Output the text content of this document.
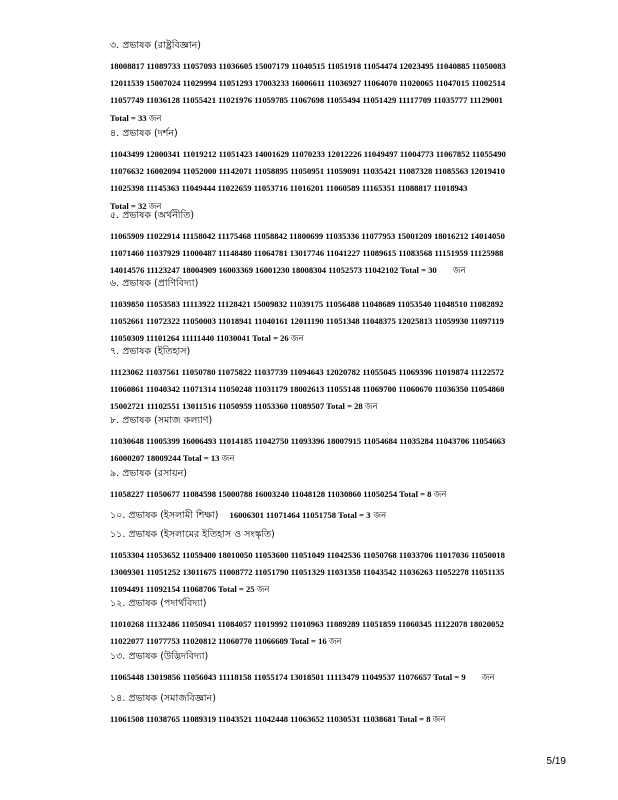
৩. প্রভাষক (রাষ্ট্রবিজ্ঞান)
18008817 11089733 11057093 11036605 15007179 11040515 11051918 11054474 12023495 11040885 11050083
12011539 15007024 11029994 11051293 17003233 16006611 11036927 11064070 11020065 11047015 11002514
11057749 11036128 11055421 11021976 11059785 11067698 11055494 11051429 11117709 11035777 11129001
Total = 33 জন
৪. প্রভাষক (দর্শন)
11043499 12000341 11019212 11051423 14001629 11070233 12012226 11049497 11004773 11067852 11055490
11076632 16002094 11052000 11142071 11058895 11050951 11059091 11035421 11087328 11085563 12019410
11025398 11145363 11049444 11022659 11053716 11016201 11060589 11165351 11088817 11018943
Total = 32 জন
৫. প্রভাষক (অর্থনীতি)
11065909 11022914 11158042 11175468 11058842 11800699 11035336 11077953 15001209 18016212 14014050
11071460 11037929 11000487 11148480 11064781 13017746 11041227 11089615 11083568 11151959 11125988
14014576 11123247 18004909 16003369 16001230 18008304 11052573 11042102 Total = 30 জন
৬. প্রভাষক (প্রাণিবিদ্যা)
11039850 11053583 11113922 11128421 15009832 11039175 11056488 11048689 11053540 11048510 11082892
11052661 11072322 11050003 11018941 11040161 12011190 11051348 11048375 12025813 11059930 11097119
11050309 11101264 11111440 11030041 Total = 26 জন
৭. প্রভাষক (ইতিহাস)
11123062 11037561 11050780 11075822 11037739 11094643 12020782 11055045 11069396 11019874 11122572
11060861 11040342 11071314 11050248 11031179 18002613 11055148 11069700 11060670 11036350 11054860
15002721 11102551 13011516 11050959 11053360 11089507 Total = 28 জন
৮. প্রভাষক (সমাজ কল্যাণ)
11030648 11005399 16006493 11014185 11042750 11093396 18007915 11054684 11035284 11043706 11054663
16000207 18009244 Total = 13 জন
৯. প্রভাষক (রসায়ন)
11058227 11050677 11084598 15000788 16003240 11048128 11030860 11050254 Total = 8 জন
১০. প্রভাষক (ইসলামী শিক্ষা) 16006301 11071464 11051758 Total = 3 জন
১১. প্রভাষক (ইসলামের ইতিহাস ও সংস্কৃতি)
11053304 11053652 11059400 18010050 11053600 11051049 11042536 11050768 11033706 11017036 11050018
13009301 11051252 13011675 11008772 11051790 11051329 11031358 11043542 11036263 11052278 11051135
11094491 11092154 11068706 Total = 25 জন
১২. প্রভাষক (পদার্থবিদ্যা)
11010268 11132486 11050941 11084057 11019992 11010963 11089289 11051859 11060345 11122078 18020052
11022077 11077753 11020812 11060770 11066609 Total = 16 জন
১৩. প্রভাষক (উদ্ভিদবিদ্যা)
11065448 13019856 11056043 11118158 11055174 13018501 11113479 11049537 11076657 Total = 9 জন
১৪. প্রভাষক (সমাজবিজ্ঞান)
11061508 11038765 11089319 11043521 11042448 11063652 11030531 11038681 Total = 8 জন
5/19
